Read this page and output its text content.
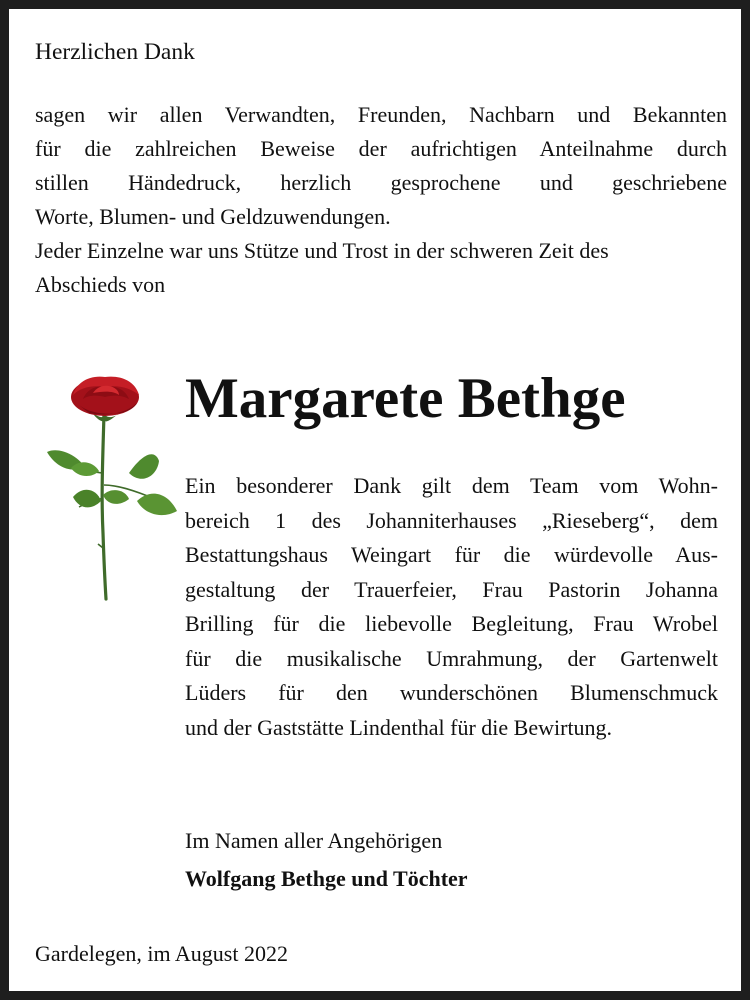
Herzlichen Dank
sagen wir allen Verwandten, Freunden, Nachbarn und Bekannten
für die zahlreichen Beweise der aufrichtigen Anteilnahme durch
stillen Händedruck, herzlich gesprochene und geschriebene
Worte, Blumen- und Geldzuwendungen.
Jeder Einzelne war uns Stütze und Trost in der schweren Zeit des
Abschieds von
Margarete Bethge
Ein besonderer Dank gilt dem Team vom Wohn-
bereich 1 des Johanniterhauses „Rieseberg“, dem
Bestattungshaus Weingart für die würdevolle Aus-
gestaltung der Trauerfeier, Frau Pastorin Johanna
Brilling für die liebevolle Begleitung, Frau Wrobel
für die musikalische Umrahmung, der Gartenwelt
Lüders für den wunderschönen Blumenschmuck
und der Gaststätte Lindenthal für die Bewirtung.
Im Namen aller Angehörigen
Wolfgang Bethge und Töchter
Gardelegen, im August 2022
